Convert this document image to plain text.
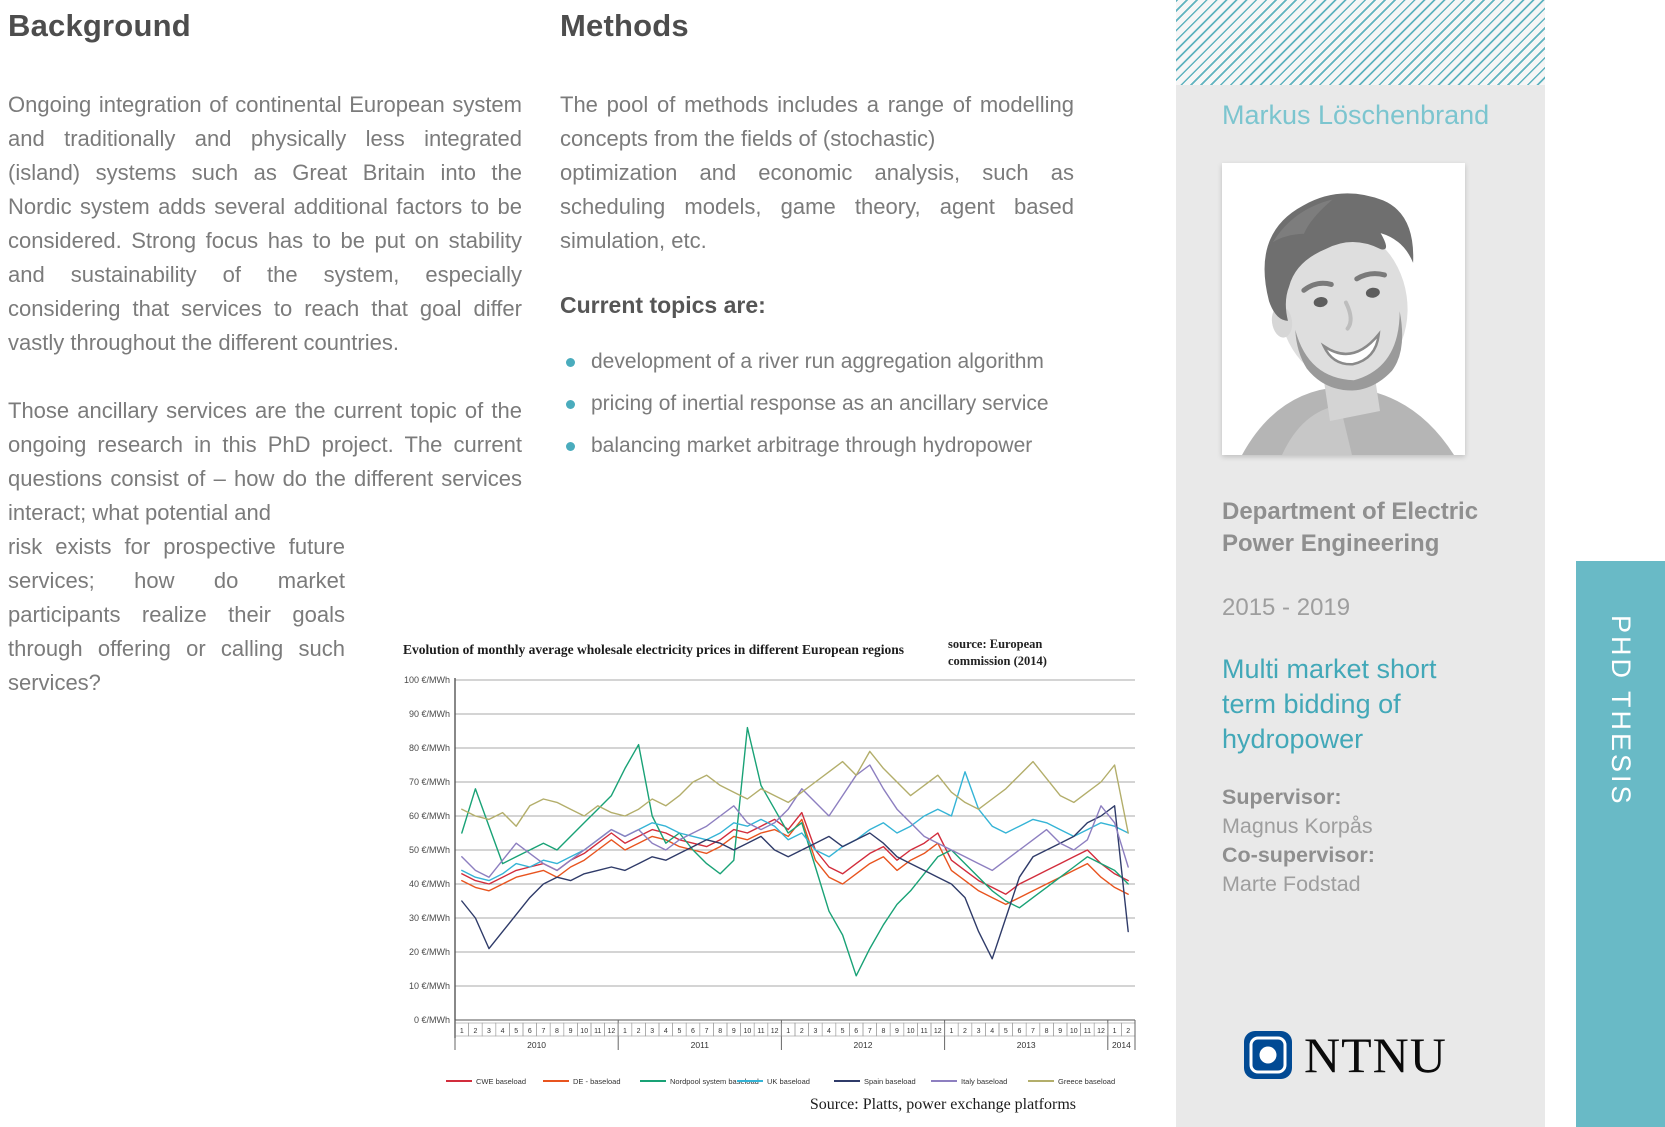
Background
Ongoing integration of continental European system and traditionally and physically less integrated (island) systems such as Great Britain into the Nordic system adds several additional factors to be considered. Strong focus has to be put on stability and sustainability of the system, especially considering that services to reach that goal differ vastly throughout the different countries.
Those ancillary services are the current topic of the ongoing research in this PhD project. The current questions consist of – how do the different services interact; what potential and
risk exists for prospective future services; how do market participants realize their goals through offering or calling such services?
Methods
The pool of methods includes a range of modelling concepts from the fields of (stochastic)
optimization and economic analysis, such as scheduling models, game theory, agent based simulation, etc.
Current topics are:
development of a river run aggregation algorithm
pricing of inertial response as an ancillary service
balancing market arbitrage through hydropower
Evolution of monthly average wholesale electricity prices in different European regions	source: European commission (2014)
0 €/MWh
10 €/MWh
20 €/MWh
30 €/MWh
40 €/MWh
50 €/MWh
60 €/MWh
70 €/MWh
80 €/MWh
90 €/MWh
100 €/MWh
1 2 3 4 5 6 7 8 9 10 11 12
2010
1 2 3 4 5 6 7 8 9 10 11 12
2011
1 2 3 4 5 6 7 8 9 10 11 12
2012
1 2 3 4 5 6 7 8 9 10 11 12
2013
1 2
2014
CWE baseload	DE - baseload	Nordpool system baseload UK baseload	Spain baseload	Italy baseload	Greece baseload
Source: Platts, power exchange platforms
Markus Löschenbrand
Department of Electric Power Engineering
2015 - 2019
Multi market short term bidding of hydropower
Supervisor:
Magnus Korpås
Co-supervisor:
Marte Fodstad
NTNU
PHD THESIS
